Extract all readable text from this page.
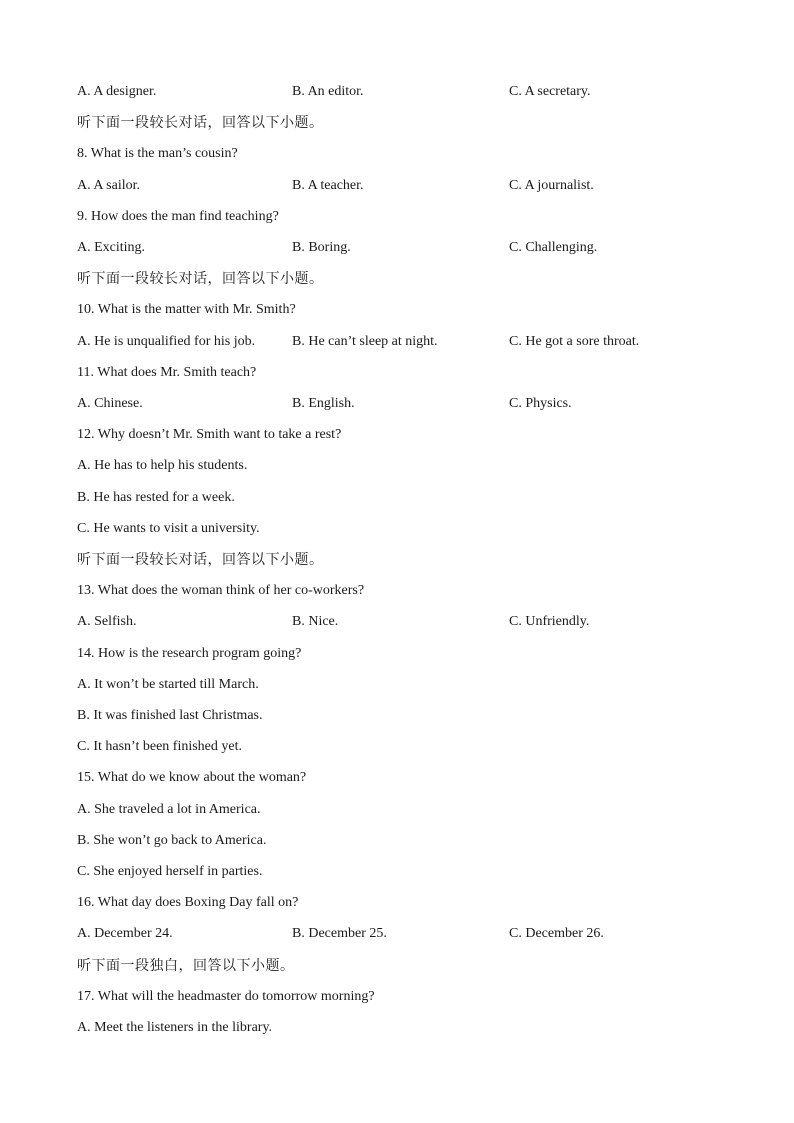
A. A designer.	B. An editor.	C. A secretary.
听下面一段较长对话，回答以下小题。
8. What is the man’s cousin?
A. A sailor.	B. A teacher.	C. A journalist.
9. How does the man find teaching?
A. Exciting.	B. Boring.	C. Challenging.
听下面一段较长对话，回答以下小题。
10. What is the matter with Mr. Smith?
A. He is unqualified for his job.	B. He can’t sleep at night.	C. He got a sore throat.
11. What does Mr. Smith teach?
A. Chinese.	B. English.	C. Physics.
12. Why doesn’t Mr. Smith want to take a rest?
A. He has to help his students.
B. He has rested for a week.
C. He wants to visit a university.
听下面一段较长对话，回答以下小题。
13. What does the woman think of her co-workers?
A. Selfish.	B. Nice.	C. Unfriendly.
14. How is the research program going?
A. It won’t be started till March.
B. It was finished last Christmas.
C. It hasn’t been finished yet.
15. What do we know about the woman?
A. She traveled a lot in America.
B. She won’t go back to America.
C. She enjoyed herself in parties.
16. What day does Boxing Day fall on?
A. December 24.	B. December 25.	C. December 26.
听下面一段独白，回答以下小题。
17. What will the headmaster do tomorrow morning?
A. Meet the listeners in the library.
